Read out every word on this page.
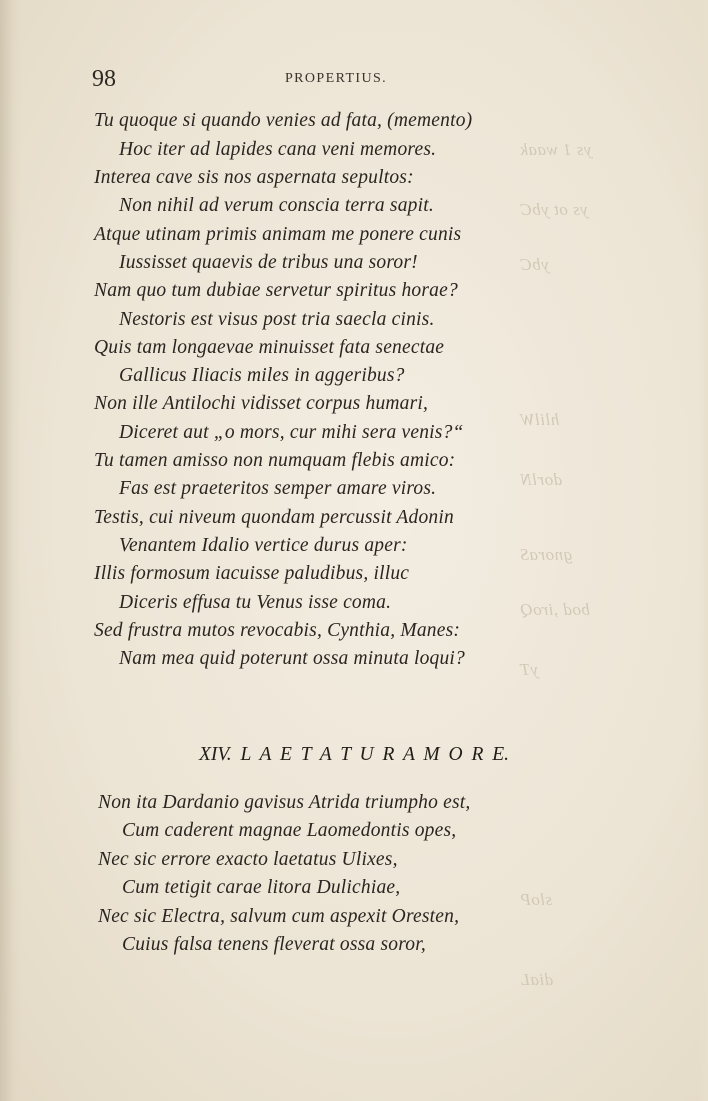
ys 1 waak
ys ot ybC
ybC
hlilW
dorlN
gnoraS
bod ,iroQ
yT
sloP
diaL
98	PROPERTIUS.
Tu quoque si quando venies ad fata, (memento)
Hoc iter ad lapides cana veni memores.
Interea cave sis nos aspernata sepultos:
Non nihil ad verum conscia terra sapit.
Atque utinam primis animam me ponere cunis
Iussisset quaevis de tribus una soror!
Nam quo tum dubiae servetur spiritus horae?
Nestoris est visus post tria saecla cinis.
Quis tam longaevae minuisset fata senectae
Gallicus Iliacis miles in aggeribus?
Non ille Antilochi vidisset corpus humari,
Diceret aut „o mors, cur mihi sera venis?“
Tu tamen amisso non numquam flebis amico:
Fas est praeteritos semper amare viros.
Testis, cui niveum quondam percussit Adonin
Venantem Idalio vertice durus aper:
Illis formosum iacuisse paludibus, illuc
Diceris effusa tu Venus isse coma.
Sed frustra mutos revocabis, Cynthia, Manes:
Nam mea quid poterunt ossa minuta loqui?
XIV. L A E T A T U R A M O R E.
Non ita Dardanio gavisus Atrida triumpho est,
Cum caderent magnae Laomedontis opes,
Nec sic errore exacto laetatus Ulixes,
Cum tetigit carae litora Dulichiae,
Nec sic Electra, salvum cum aspexit Oresten,
Cuius falsa tenens fleverat ossa soror,
